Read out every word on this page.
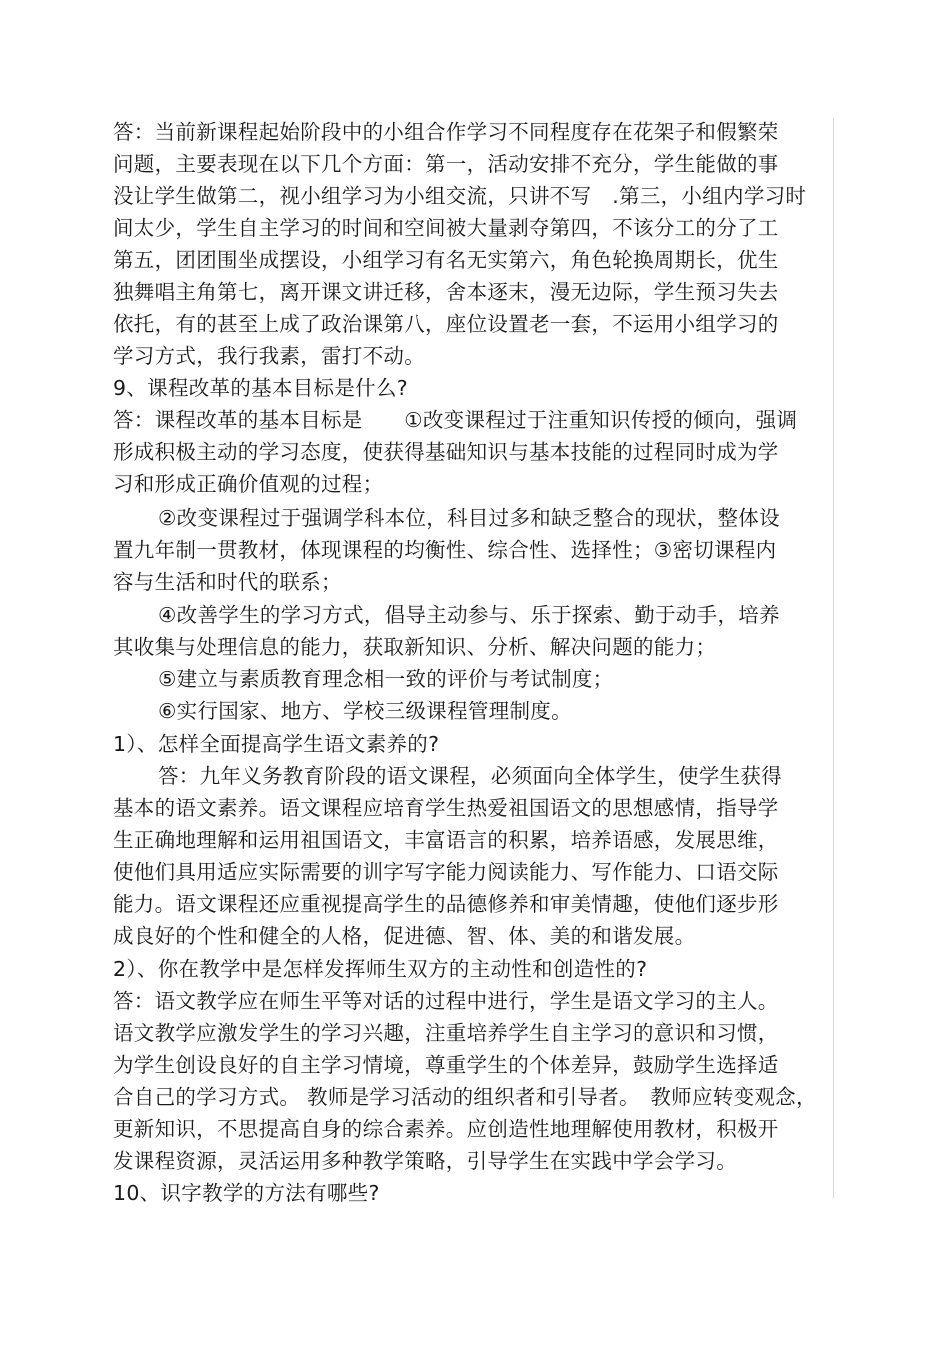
答：当前新课程起始阶段中的小组合作学习不同程度存在花架子和假繁荣
问题，主要表现在以下几个方面：第一，活动安排不充分，学生能做的事
没让学生做第二，视小组学习为小组交流，只讲不写　.第三，小组内学习时
间太少，学生自主学习的时间和空间被大量剥夺第四，不该分工的分了工
第五，团团围坐成摆设，小组学习有名无实第六，角色轮换周期长，优生
独舞唱主角第七，离开课文讲迁移，舍本逐末，漫无边际，学生预习失去
依托，有的甚至上成了政治课第八，座位设置老一套，不运用小组学习的
学习方式，我行我素，雷打不动。
9、课程改革的基本目标是什么?
答：课程改革的基本目标是　　①改变课程过于注重知识传授的倾向，强调
形成积极主动的学习态度，使获得基础知识与基本技能的过程同时成为学
习和形成正确价值观的过程；
②改变课程过于强调学科本位，科目过多和缺乏整合的现状，整体设
置九年制一贯教材，体现课程的均衡性、综合性、选择性；③密切课程内
容与生活和时代的联系；
④改善学生的学习方式，倡导主动参与、乐于探索、勤于动手，培养
其收集与处理信息的能力，获取新知识、分析、解决问题的能力；
⑤建立与素质教育理念相一致的评价与考试制度；
⑥实行国家、地方、学校三级课程管理制度。
1）、怎样全面提高学生语文素养的?
答：九年义务教育阶段的语文课程，必须面向全体学生，使学生获得
基本的语文素养。语文课程应培育学生热爱祖国语文的思想感情，指导学
生正确地理解和运用祖国语文，丰富语言的积累，培养语感，发展思维，
使他们具用适应实际需要的训字写字能力阅读能力、写作能力、口语交际
能力。语文课程还应重视提高学生的品德修养和审美情趣，使他们逐步形
成良好的个性和健全的人格，促进德、智、体、美的和谐发展。
2）、你在教学中是怎样发挥师生双方的主动性和创造性的?
答：语文教学应在师生平等对话的过程中进行，学生是语文学习的主人。
语文教学应激发学生的学习兴趣，注重培养学生自主学习的意识和习惯，
为学生创设良好的自主学习情境，尊重学生的个体差异，鼓励学生选择适
合自己的学习方式。 教师是学习活动的组织者和引导者。　教师应转变观念，
更新知识，不思提高自身的综合素养。应创造性地理解使用教材，积极开
发课程资源，灵活运用多种教学策略，引导学生在实践中学会学习。
10、识字教学的方法有哪些?
